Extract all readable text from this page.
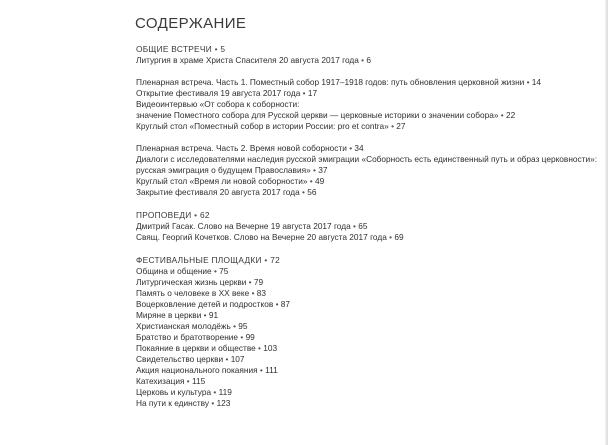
СОДЕРЖАНИЕ
ОБЩИЕ ВСТРЕЧИ • 5
Литургия в храме Христа Спасителя 20 августа 2017 года • 6
Пленарная встреча. Часть 1. Поместный собор 1917–1918 годов: путь обновления церковной жизни • 14
Открытие фестиваля 19 августа 2017 года • 17
Видеоинтервью «От собора к соборности:
значение Поместного собора для Русской церкви — церковные историки о значении собора» • 22
Круглый стол «Поместный собор в истории России: pro et contra» • 27
Пленарная встреча. Часть 2. Время новой соборности • 34
Диалоги с исследователями наследия русской эмиграции «Соборность есть единственный путь и образ церковности»:
русская эмиграция о будущем Православия» • 37
Круглый стол «Время ли новой соборности» • 49
Закрытие фестиваля 20 августа 2017 года • 56
ПРОПОВЕДИ • 62
Дмитрий Гасак. Слово на Вечерне 19 августа 2017 года • 65
Свящ. Георгий Кочетков. Слово на Вечерне 20 августа 2017 года • 69
ФЕСТИВАЛЬНЫЕ ПЛОЩАДКИ • 72
Община и общение • 75
Литургическая жизнь церкви • 79
Память о человеке в XX веке • 83
Воцерковление детей и подростков • 87
Миряне в церкви • 91
Христианская молодёжь • 95
Братство и братотворение • 99
Покаяние в церкви и обществе • 103
Свидетельство церкви • 107
Акция национального покаяния • 111
Катехизация • 115
Церковь и культура • 119
На пути к единству • 123
